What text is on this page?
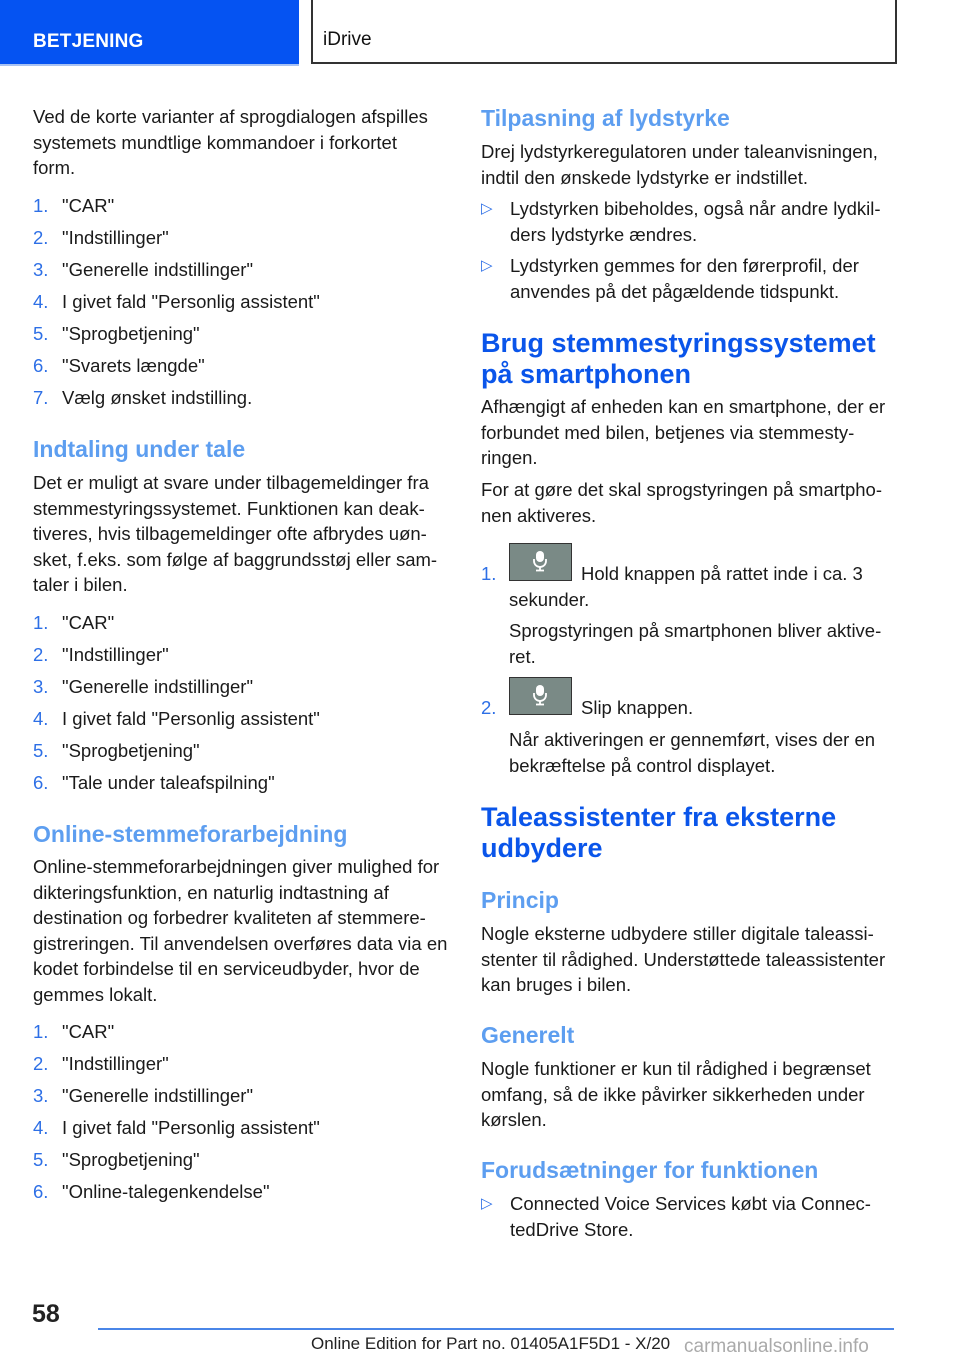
BETJENING	iDrive

Ved de korte varianter af sprogdialogen afspilles systemets mundtlige kommandoer i forkortet form.

1. "CAR"
2. "Indstillinger"
3. "Generelle indstillinger"
4. I givet fald "Personlig assistent"
5. "Sprogbetjening"
6. "Svarets længde"
7. Vælg ønsket indstilling.
Indtaling under tale

Det er muligt at svare under tilbagemeldinger fra stemmestyringssystemet. Funktionen kan deaktiveres, hvis tilbagemeldinger ofte afbrydes uønsket, f.eks. som følge af baggrundsstøj eller samtaler i bilen.

1. "CAR"
2. "Indstillinger"
3. "Generelle indstillinger"
4. I givet fald "Personlig assistent"
5. "Sprogbetjening"
6. "Tale under taleafspilning"
Online-stemmeforarbejdning

Online-stemmeforarbejdningen giver mulighed for dikteringsfunktion, en naturlig indtastning af destination og forbedrer kvaliteten af stemmeregistreringen. Til anvendelsen overføres data via en kodet forbindelse til en serviceudbyder, hvor de gemmes lokalt.

1. "CAR"
2. "Indstillinger"
3. "Generelle indstillinger"
4. I givet fald "Personlig assistent"
5. "Sprogbetjening"
6. "Online-talegenkendelse"
Tilpasning af lydstyrke

Drej lydstyrkeregulatoren under taleanvisningen, indtil den ønskede lydstyrke er indstillet.

▷ Lydstyrken bibeholdes, også når andre lydkilders lydstyrke ændres.
▷ Lydstyrken gemmes for den førerprofil, der anvendes på det pågældende tidspunkt.
Brug stemmestyringssystemet på smartphonen

Afhængigt af enheden kan en smartphone, der er forbundet med bilen, betjenes via stemmestyringen.

For at gøre det skal sprogstyringen på smartphonen aktiveres.

1.	Hold knappen på rattet inde i ca. 3 sekunder.

Sprogstyringen på smartphonen bliver aktiveret.

2.	Slip knappen.

Når aktiveringen er gennemført, vises der en bekræftelse på control displayet.

Taleassistenter fra eksterne udbydere
Princip

Nogle eksterne udbydere stiller digitale taleassistenter til rådighed. Understøttede taleassistenter kan bruges i bilen.

Generelt

Nogle funktioner er kun til rådighed i begrænset omfang, så de ikke påvirker sikkerheden under kørslen.

Forudsætninger for funktionen
▷ Connected Voice Services købt via ConnectedDrive Store.
58
Online Edition for Part no. 01405A1F5D1 - X/20 carmanualsonline.info
